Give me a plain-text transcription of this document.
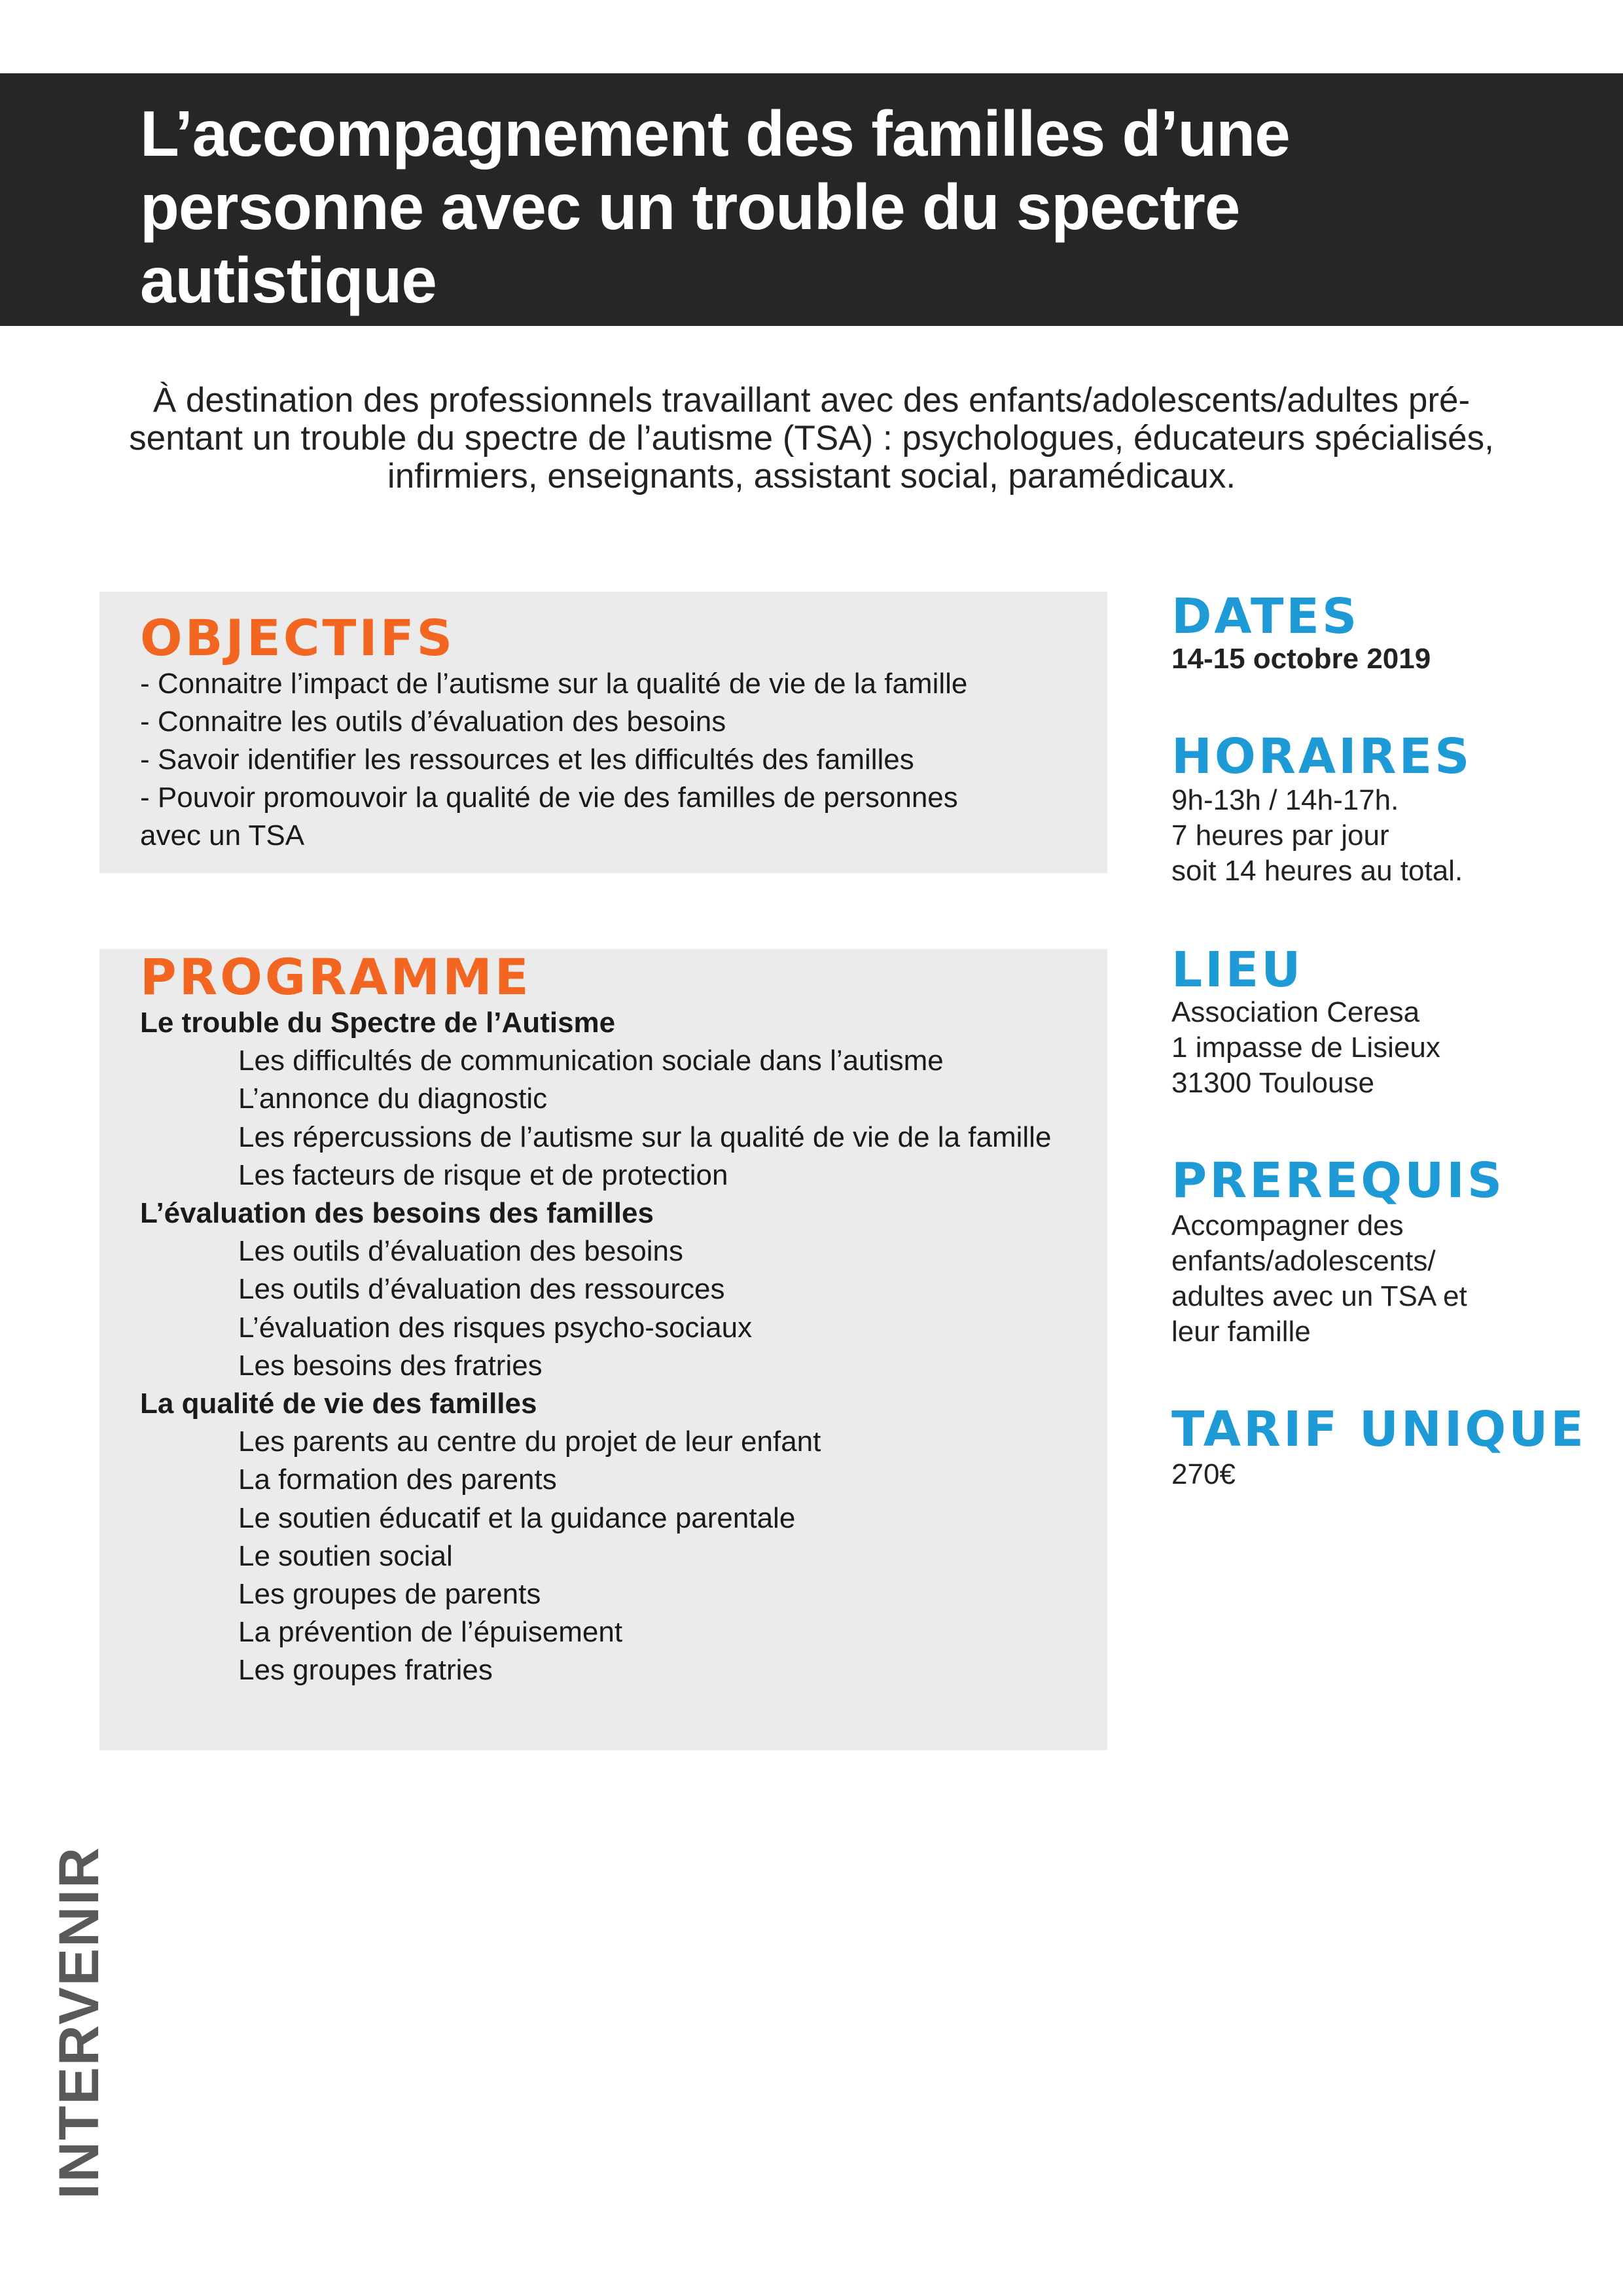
L’accompagnement des familles d’une
personne avec un trouble du spectre
autistique
À destination des professionnels travaillant avec des enfants/adolescents/adultes pré-
sentant un trouble du spectre de l’autisme (TSA) : psychologues, éducateurs spécialisés,
infirmiers, enseignants, assistant social, paramédicaux.
OBJECTIFS
- Connaitre l’impact de l’autisme sur la qualité de vie de la famille
- Connaitre les outils d’évaluation des besoins
- Savoir identifier les ressources et les difficultés des familles
- Pouvoir promouvoir la qualité de vie des familles de personnes
avec un TSA
PROGRAMME
Le trouble du Spectre de l’Autisme
Les difficultés de communication sociale dans l’autisme
L’annonce du diagnostic
Les répercussions de l’autisme sur la qualité de vie de la famille
Les facteurs de risque et de protection
L’évaluation des besoins des familles
Les outils d’évaluation des besoins
Les outils d’évaluation des ressources
L’évaluation des risques psycho-sociaux
Les besoins des fratries
La qualité de vie des familles
Les parents au centre du projet de leur enfant
La formation des parents
Le soutien éducatif et la guidance parentale
Le soutien social
Les groupes de parents
La prévention de l’épuisement
Les groupes fratries
DATES
14-15 octobre 2019
HORAIRES
9h-13h / 14h-17h.
7 heures par jour
soit 14 heures au total.
LIEU
Association Ceresa
1 impasse de Lisieux
31300 Toulouse
PREREQUIS
Accompagner des
enfants/adolescents/
adultes avec un TSA et
leur famille
TARIF UNIQUE
270€
INTERVENIR
